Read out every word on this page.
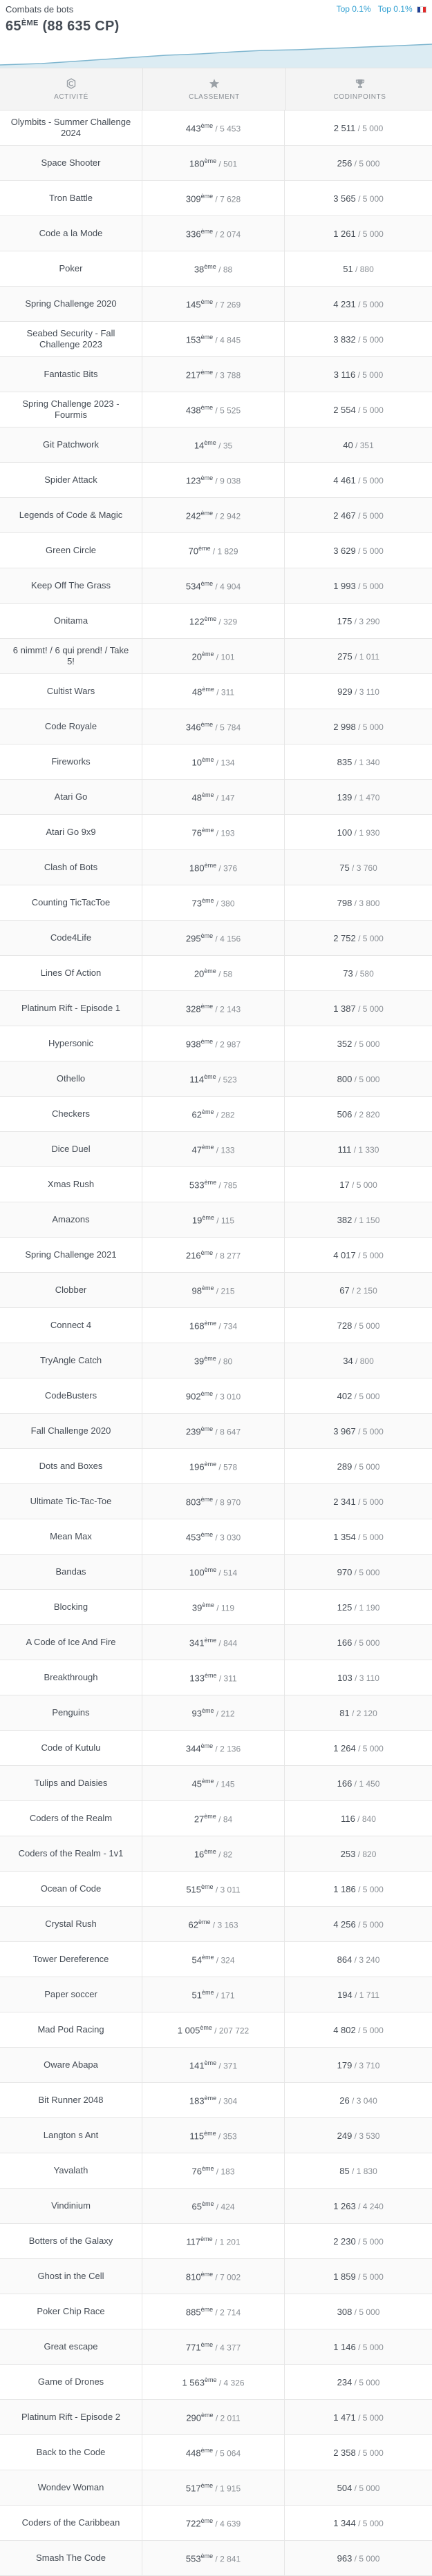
Combats de bots
65ÈME (88 635 CP)
Top 0.1% Top 0.1%
ACTIVITÉ	CLASSEMENT	CODINPOINTS
Olymbits - Summer Challenge 2024	443ème / 5 453	2 511 / 5 000
Space Shooter	180ème / 501	256 / 5 000
Tron Battle	309ème / 7 628	3 565 / 5 000
Code a la Mode	336ème / 2 074	1 261 / 5 000
Poker	38ème / 88	51 / 880
Spring Challenge 2020	145ème / 7 269	4 231 / 5 000
Seabed Security - Fall Challenge 2023	153ème / 4 845	3 832 / 5 000
Fantastic Bits	217ème / 3 788	3 116 / 5 000
Spring Challenge 2023 - Fourmis	438ème / 5 525	2 554 / 5 000
Git Patchwork	14ème / 35	40 / 351
Spider Attack	123ème / 9 038	4 461 / 5 000
Legends of Code & Magic	242ème / 2 942	2 467 / 5 000
Green Circle	70ème / 1 829	3 629 / 5 000
Keep Off The Grass	534ème / 4 904	1 993 / 5 000
Onitama	122ème / 329	175 / 3 290
6 nimmt! / 6 qui prend! / Take 5!	20ème / 101	275 / 1 011
Cultist Wars	48ème / 311	929 / 3 110
Code Royale	346ème / 5 784	2 998 / 5 000
Fireworks	10ème / 134	835 / 1 340
Atari Go	48ème / 147	139 / 1 470
Atari Go 9x9	76ème / 193	100 / 1 930
Clash of Bots	180ème / 376	75 / 3 760
Counting TicTacToe	73ème / 380	798 / 3 800
Code4Life	295ème / 4 156	2 752 / 5 000
Lines Of Action	20ème / 58	73 / 580
Platinum Rift - Episode 1	328ème / 2 143	1 387 / 5 000
Hypersonic	938ème / 2 987	352 / 5 000
Othello	114ème / 523	800 / 5 000
Checkers	62ème / 282	506 / 2 820
Dice Duel	47ème / 133	111 / 1 330
Xmas Rush	533ème / 785	17 / 5 000
Amazons	19ème / 115	382 / 1 150
Spring Challenge 2021	216ème / 8 277	4 017 / 5 000
Clobber	98ème / 215	67 / 2 150
Connect 4	168ème / 734	728 / 5 000
TryAngle Catch	39ème / 80	34 / 800
CodeBusters	902ème / 3 010	402 / 5 000
Fall Challenge 2020	239ème / 8 647	3 967 / 5 000
Dots and Boxes	196ème / 578	289 / 5 000
Ultimate Tic-Tac-Toe	803ème / 8 970	2 341 / 5 000
Mean Max	453ème / 3 030	1 354 / 5 000
Bandas	100ème / 514	970 / 5 000
Blocking	39ème / 119	125 / 1 190
A Code of Ice And Fire	341ème / 844	166 / 5 000
Breakthrough	133ème / 311	103 / 3 110
Penguins	93ème / 212	81 / 2 120
Code of Kutulu	344ème / 2 136	1 264 / 5 000
Tulips and Daisies	45ème / 145	166 / 1 450
Coders of the Realm	27ème / 84	116 / 840
Coders of the Realm - 1v1	16ème / 82	253 / 820
Ocean of Code	515ème / 3 011	1 186 / 5 000
Crystal Rush	62ème / 3 163	4 256 / 5 000
Tower Dereference	54ème / 324	864 / 3 240
Paper soccer	51ème / 171	194 / 1 711
Mad Pod Racing	1 005ème / 207 722	4 802 / 5 000
Oware Abapa	141ème / 371	179 / 3 710
Bit Runner 2048	183ème / 304	26 / 3 040
Langton s Ant	115ème / 353	249 / 3 530
Yavalath	76ème / 183	85 / 1 830
Vindinium	65ème / 424	1 263 / 4 240
Botters of the Galaxy	117ème / 1 201	2 230 / 5 000
Ghost in the Cell	810ème / 7 002	1 859 / 5 000
Poker Chip Race	885ème / 2 714	308 / 5 000
Great escape	771ème / 4 377	1 146 / 5 000
Game of Drones	1 563ème / 4 326	234 / 5 000
Platinum Rift - Episode 2	290ème / 2 011	1 471 / 5 000
Back to the Code	448ème / 5 064	2 358 / 5 000
Wondev Woman	517ème / 1 915	504 / 5 000
Coders of the Caribbean	722ème / 4 639	1 344 / 5 000
Smash The Code	553ème / 2 841	963 / 5 000
